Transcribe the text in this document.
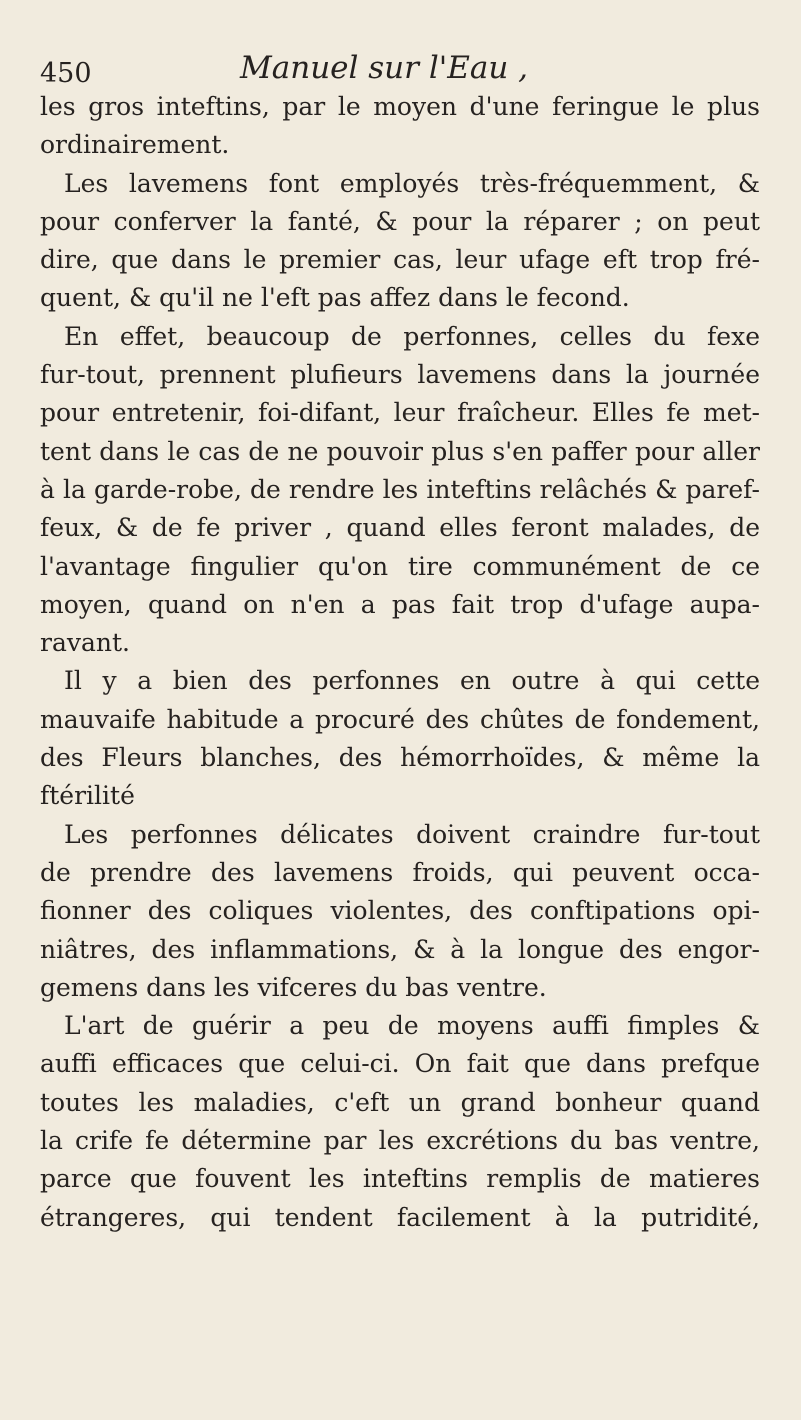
450	Manuel sur l'Eau ,
les gros inteftins, par le moyen d'une feringue le plus
ordinairement.
Les lavemens font employés très-fréquemment, &
pour conferver la fanté, & pour la réparer ; on peut
dire, que dans le premier cas, leur ufage eft trop fré-
quent, & qu'il ne l'eft pas affez dans le fecond.
En effet, beaucoup de perfonnes, celles du fexe
fur-tout, prennent plufieurs lavemens dans la journée
pour entretenir, foi-difant, leur fraîcheur. Elles fe met-
tent dans le cas de ne pouvoir plus s'en paffer pour aller
à la garde-robe, de rendre les inteftins relâchés & paref-
feux, & de fe priver , quand elles feront malades, de
l'avantage fingulier qu'on tire communément de ce
moyen, quand on n'en a pas fait trop d'ufage aupa-
ravant.
Il y a bien des perfonnes en outre à qui cette
mauvaife habitude a procuré des chûtes de fondement,
des Fleurs blanches, des hémorrhoïdes, & même la
ftérilité
Les perfonnes délicates doivent craindre fur-tout
de prendre des lavemens froids, qui peuvent occa-
fionner des coliques violentes, des conftipations opi-
niâtres, des inflammations, & à la longue des engor-
gemens dans les vifceres du bas ventre.
L'art de guérir a peu de moyens auffi fimples &
auffi efficaces que celui-ci. On fait que dans prefque
toutes les maladies, c'eft un grand bonheur quand
la crife fe détermine par les excrétions du bas ventre,
parce que fouvent les inteftins remplis de matieres
étrangeres, qui tendent facilement à la putridité,
